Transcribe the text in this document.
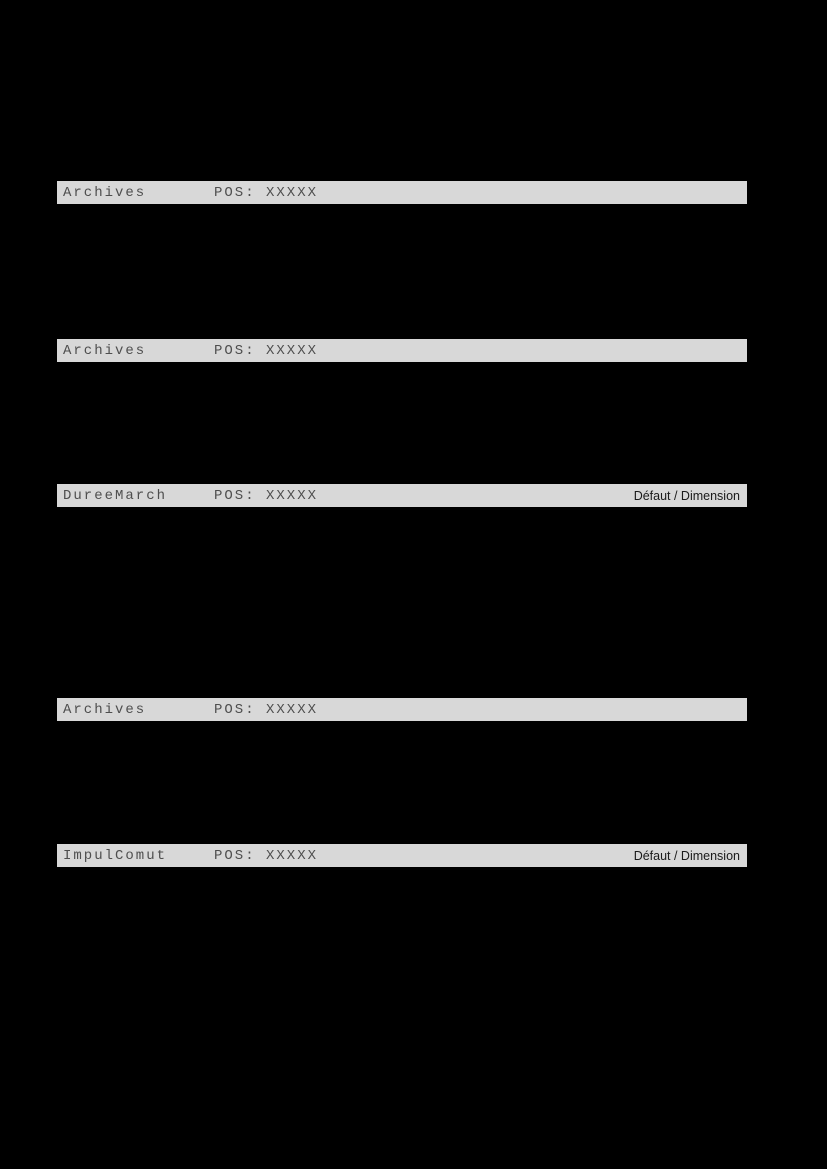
Archives	POS: XXXXX
Archives	POS: XXXXX
DureeMarch	POS: XXXXX	Défaut / Dimension
Archives	POS: XXXXX
ImpulComut	POS: XXXXX	Défaut / Dimension
